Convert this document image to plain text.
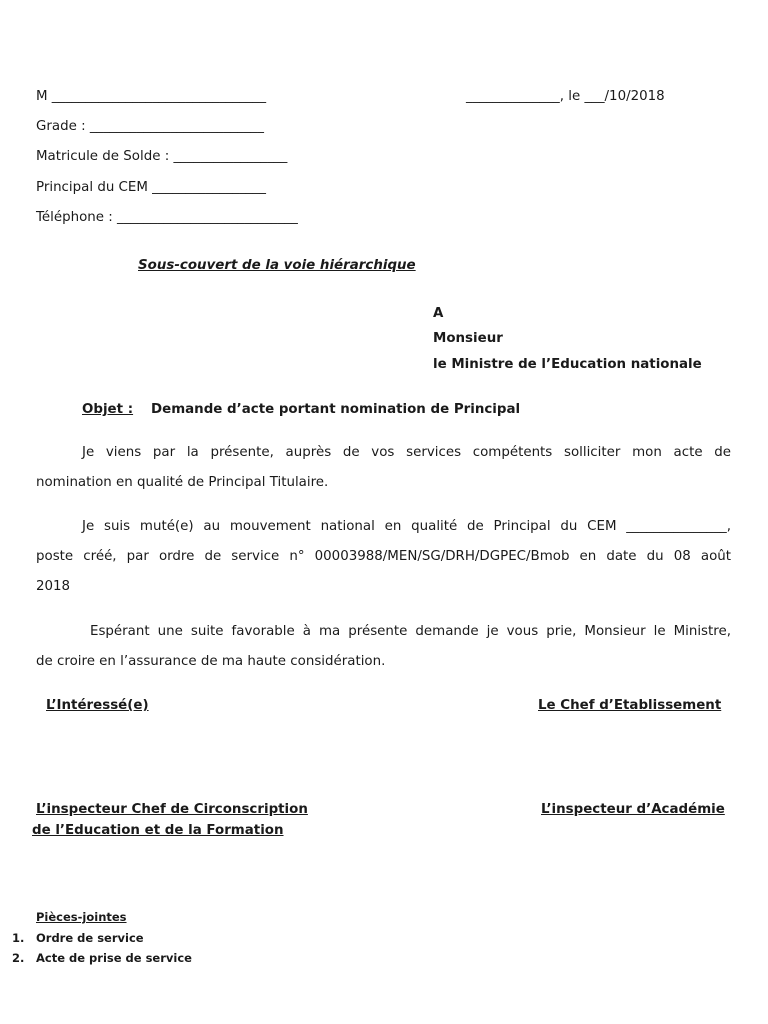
M ________________________________	______________, le ___/10/2018
Grade : __________________________
Matricule de Solde : _________________
Principal du CEM _________________
Téléphone : ___________________________
Sous-couvert de la voie hiérarchique
A
Monsieur
le Ministre de l’Education nationale
Objet : Demande d’acte portant nomination de Principal
Je viens par la présente, auprès de vos services compétents solliciter mon acte de
nomination en qualité de Principal Titulaire.
Je suis muté(e) au mouvement national en qualité de Principal du CEM _______________,
poste créé, par ordre de service n° 00003988/MEN/SG/DRH/DGPEC/Bmob en date du 08 août
2018
Espérant une suite favorable à ma présente demande je vous prie, Monsieur le Ministre,
de croire en l’assurance de ma haute considération.
L’Intéressé(e)	Le Chef d’Etablissement
L’inspecteur Chef de Circonscription
de l’Education et de la Formation
L’inspecteur d’Académie
Pièces-jointes
1. Ordre de service
2. Acte de prise de service
